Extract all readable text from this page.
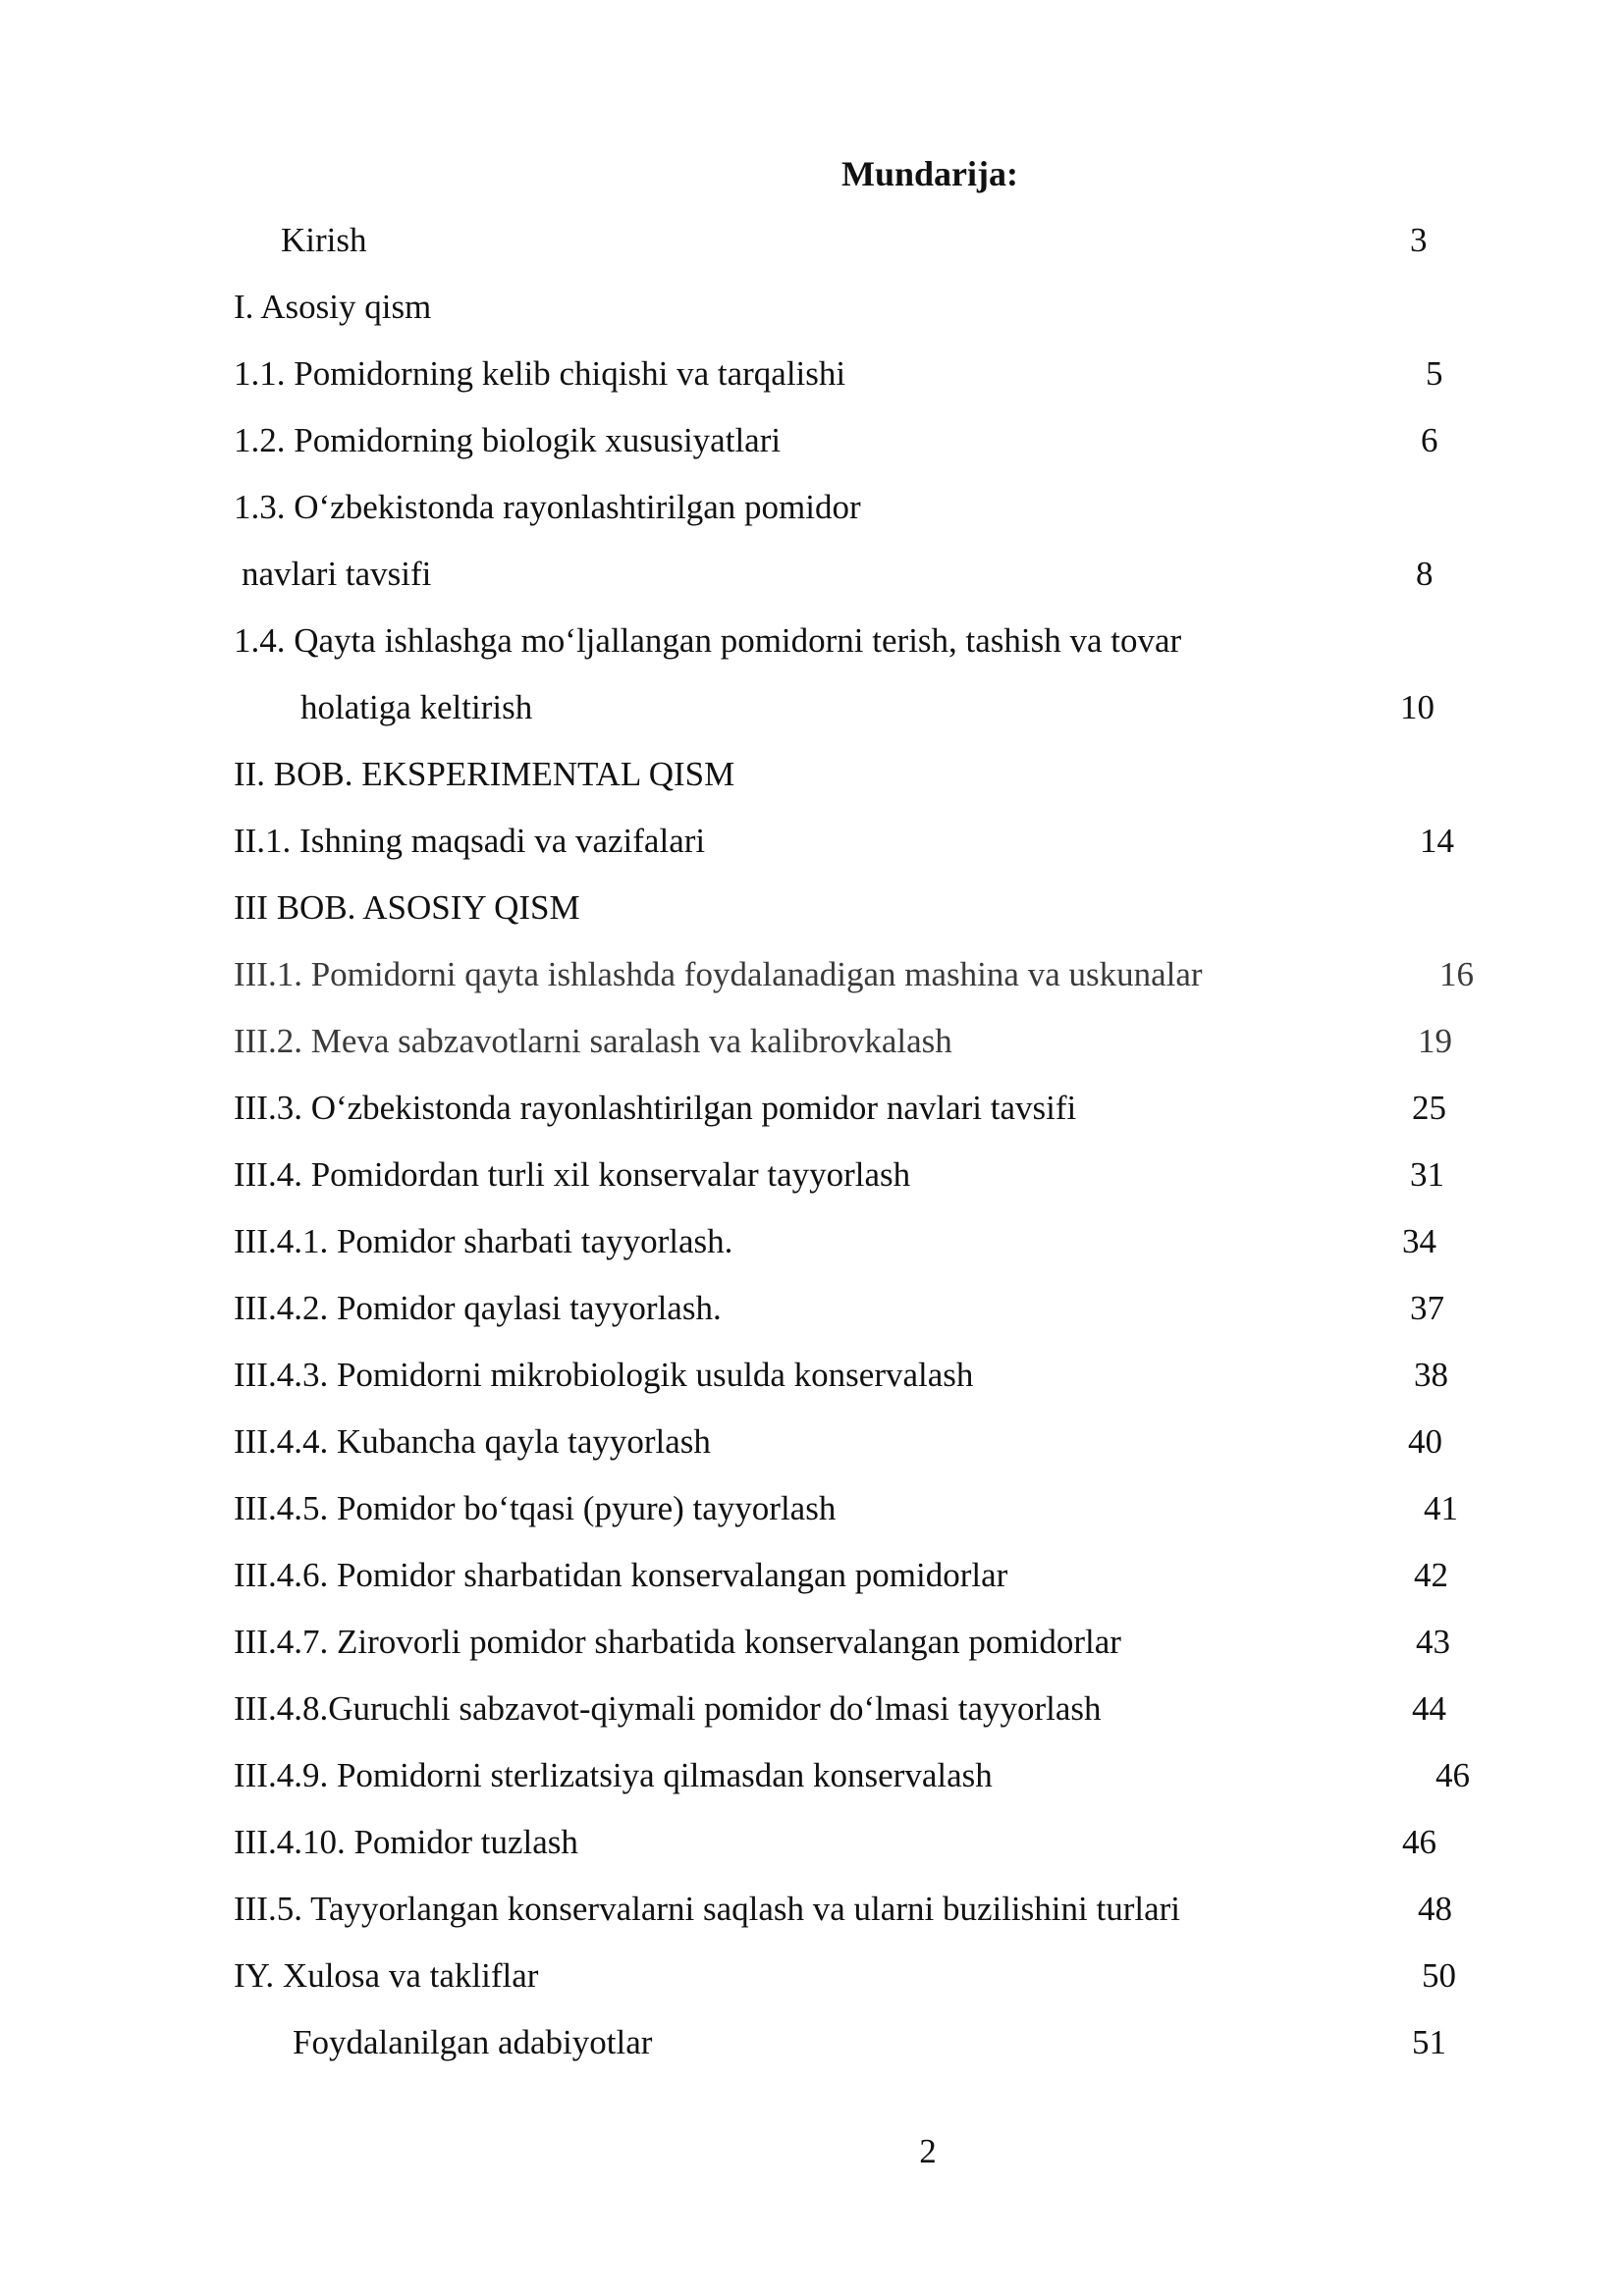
Mundarija:
Kirish	3
I. Asosiy qism
1.1. Pomidorning kelib chiqishi va tarqalishi	5
1.2. Pomidorning biologik xususiyatlari	6
1.3. O‘zbekistonda rayonlashtirilgan pomidor
navlari tavsifi	8
1.4. Qayta ishlashga mo‘ljallangan pomidorni terish, tashish va tovar
holatiga keltirish	10
II. BOB. EKSPERIMENTAL QISM
II.1. Ishning maqsadi va vazifalari	14
III BOB. ASOSIY QISM
III.1. Pomidorni qayta ishlashda foydalanadigan mashina va uskunalar	16
III.2. Meva sabzavotlarni saralash va kalibrovkalash	19
III.3. O‘zbekistonda rayonlashtirilgan pomidor navlari tavsifi	25
III.4. Pomidordan turli xil konservalar tayyorlash	31
III.4.1. Pomidor sharbati tayyorlash.	34
III.4.2. Pomidor qaylasi tayyorlash.	37
III.4.3. Pomidorni mikrobiologik usulda konservalash	38
III.4.4. Kubancha qayla tayyorlash	40
III.4.5. Pomidor bo‘tqasi (pyure) tayyorlash	41
III.4.6. Pomidor sharbatidan konservalangan pomidorlar	42
III.4.7. Zirovorli pomidor sharbatida konservalangan pomidorlar	43
III.4.8.Guruchli sabzavot-qiymali pomidor do‘lmasi tayyorlash	44
III.4.9. Pomidorni sterlizatsiya qilmasdan konservalash	46
III.4.10. Pomidor tuzlash	46
III.5. Tayyorlangan konservalarni saqlash va ularni buzilishini turlari	48
IY. Xulosa va takliflar	50
Foydalanilgan adabiyotlar	51
2
